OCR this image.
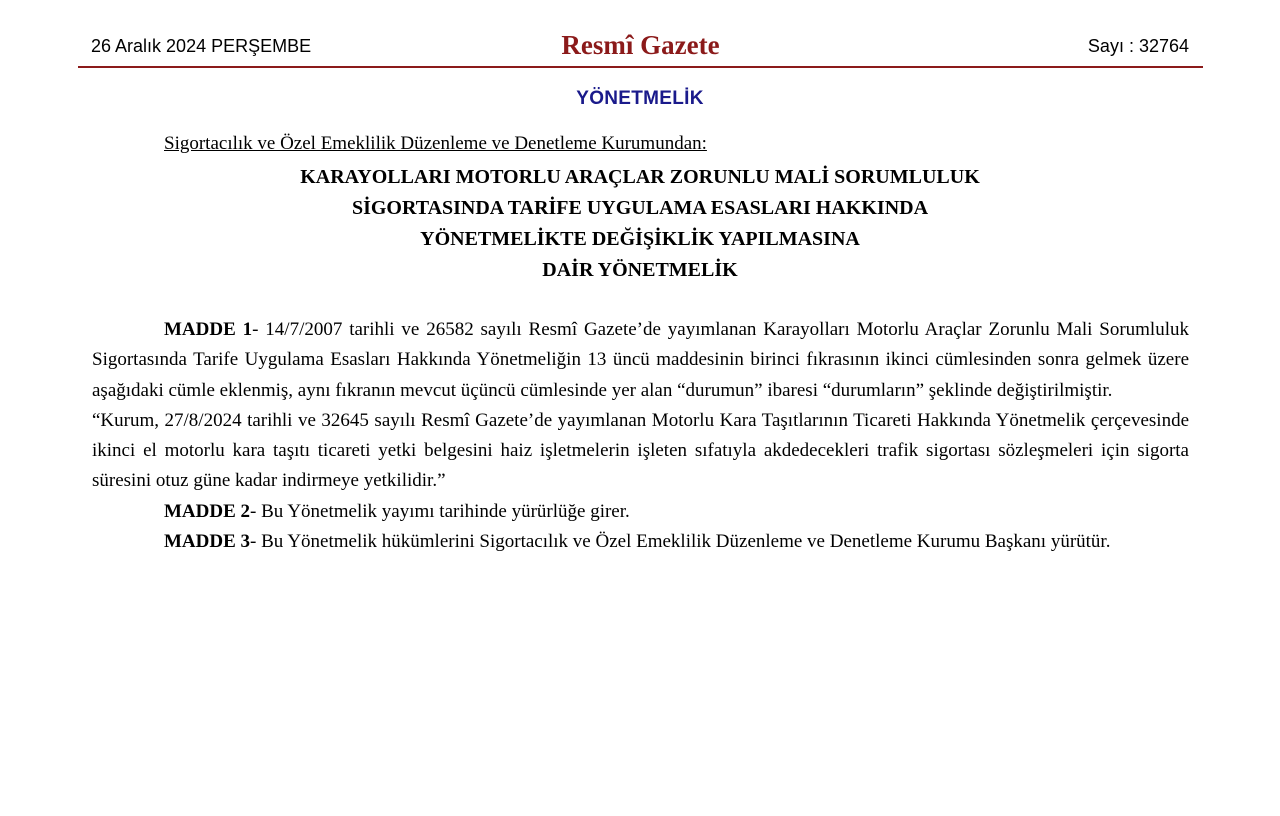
26 Aralık 2024 PERŞEMBE	Resmî Gazete	Sayı : 32764
YÖNETMELİK
Sigortacılık ve Özel Emeklilik Düzenleme ve Denetleme Kurumundan:
KARAYOLLARI MOTORLU ARAÇLAR ZORUNLU MALİ SORUMLULUK
SİGORTASINDA TARİFE UYGULAMA ESASLARI HAKKINDA
YÖNETMELİKTE DEĞİŞİKLİK YAPILMASINA
DAİR YÖNETMELİK

MADDE 1- 14/7/2007 tarihli ve 26582 sayılı Resmî Gazete’de yayımlanan Karayolları Motorlu Araçlar Zorunlu Mali Sorumluluk Sigortasında Tarife Uygulama Esasları Hakkında Yönetmeliğin 13 üncü maddesinin birinci fıkrasının ikinci cümlesinden sonra gelmek üzere aşağıdaki cümle eklenmiş, aynı fıkranın mevcut üçüncü cümlesinde yer alan “durumun” ibaresi “durumların” şeklinde değiştirilmiştir.

“Kurum, 27/8/2024 tarihli ve 32645 sayılı Resmî Gazete’de yayımlanan Motorlu Kara Taşıtlarının Ticareti Hakkında Yönetmelik çerçevesinde ikinci el motorlu kara taşıtı ticareti yetki belgesini haiz işletmelerin işleten sıfatıyla akdedecekleri trafik sigortası sözleşmeleri için sigorta süresini otuz güne kadar indirmeye yetkilidir.”

MADDE 2- Bu Yönetmelik yayımı tarihinde yürürlüğe girer.

MADDE 3- Bu Yönetmelik hükümlerini Sigortacılık ve Özel Emeklilik Düzenleme ve Denetleme Kurumu Başkanı yürütür.
